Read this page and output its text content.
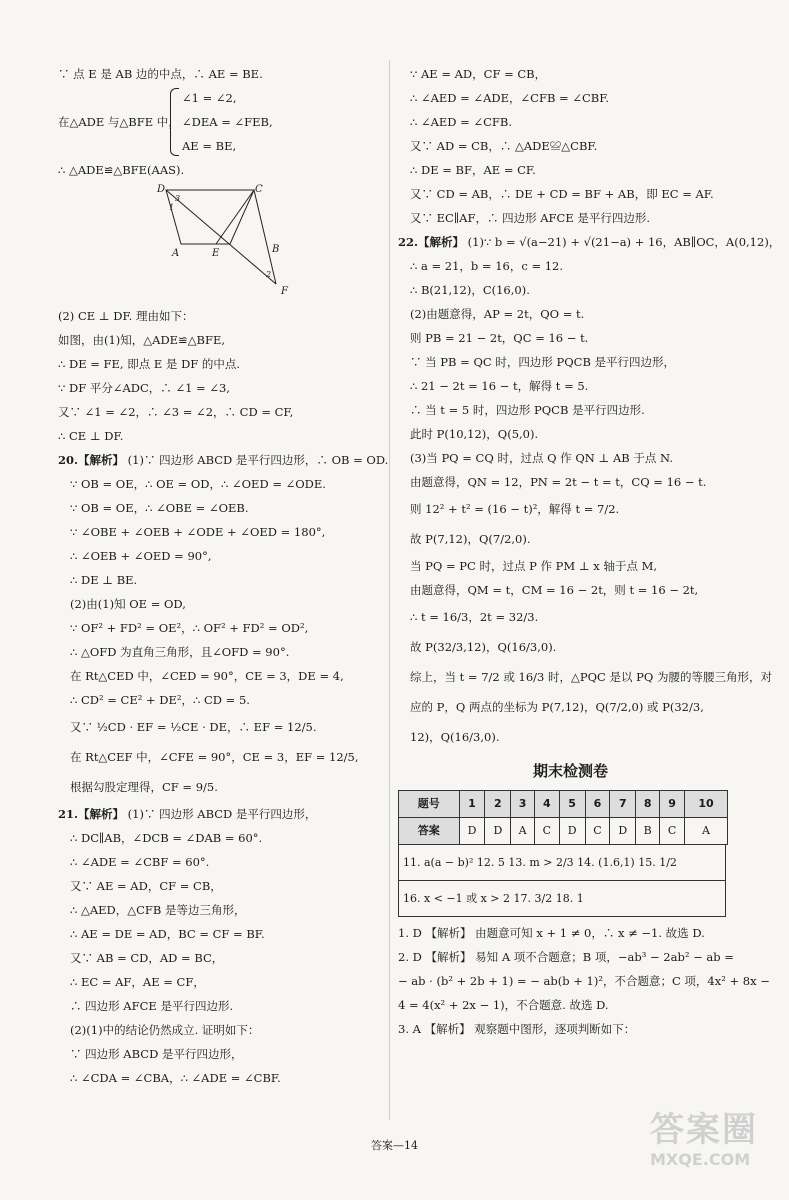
∵ 点 E 是 AB 边的中点，∴ AE = BE.
在△ADE 与△BFE 中，
∠1 = ∠2,
∠DEA = ∠FEB,
AE = BE,
∴ △ADE≌△BFE(AAS).
D	C
A	E	B
F
1
2
3
(2) CE ⊥ DF. 理由如下：
如图，由(1)知，△ADE≌△BFE,
∴ DE = FE, 即点 E 是 DF 的中点.
∵ DF 平分∠ADC，∴ ∠1 = ∠3,
又∵ ∠1 = ∠2，∴ ∠3 = ∠2，∴ CD = CF,
∴ CE ⊥ DF.
20.【解析】 (1)∵ 四边形 ABCD 是平行四边形，∴ OB = OD.
∵ OB = OE，∴ OE = OD，∴ ∠OED = ∠ODE.
∵ OB = OE，∴ ∠OBE = ∠OEB.
∵ ∠OBE + ∠OEB + ∠ODE + ∠OED = 180°,
∴ ∠OEB + ∠OED = 90°,
∴ DE ⊥ BE.
(2)由(1)知 OE = OD,
∵ OF² + FD² = OE²，∴ OF² + FD² = OD²,
∴ △OFD 为直角三角形，且∠OFD = 90°.
在 Rt△CED 中，∠CED = 90°，CE = 3，DE = 4,
∴ CD² = CE² + DE²，∴ CD = 5.
又∵ ½CD · EF = ½CE · DE，∴ EF = 12/5.
在 Rt△CEF 中，∠CFE = 90°，CE = 3，EF = 12/5,
根据勾股定理得，CF = 9/5.
21.【解析】 (1)∵ 四边形 ABCD 是平行四边形，
∴ DC∥AB，∠DCB = ∠DAB = 60°.
∴ ∠ADE = ∠CBF = 60°.
又∵ AE = AD，CF = CB，
∴ △AED，△CFB 是等边三角形，
∴ AE = DE = AD，BC = CF = BF.
又∵ AB = CD，AD = BC，
∴ EC = AF，AE = CF，
∴ 四边形 AFCE 是平行四边形.
(2)(1)中的结论仍然成立. 证明如下：
∵ 四边形 ABCD 是平行四边形，
∴ ∠CDA = ∠CBA，∴ ∠ADE = ∠CBF.
∵ AE = AD，CF = CB，
∴ ∠AED = ∠ADE，∠CFB = ∠CBF.
∴ ∠AED = ∠CFB.
又∵ AD = CB，∴ △ADE≌△CBF.
∴ DE = BF，AE = CF.
又∵ CD = AB，∴ DE + CD = BF + AB，即 EC = AF.
又∵ EC∥AF，∴ 四边形 AFCE 是平行四边形.
22.【解析】 (1)∵ b = √(a−21) + √(21−a) + 16，AB∥OC，A(0,12)，
∴ a = 21，b = 16，c = 12.
∴ B(21,12)，C(16,0).
(2)由题意得，AP = 2t，QO = t.
则 PB = 21 − 2t，QC = 16 − t.
∵ 当 PB = QC 时，四边形 PQCB 是平行四边形，
∴ 21 − 2t = 16 − t，解得 t = 5.
∴ 当 t = 5 时，四边形 PQCB 是平行四边形.
此时 P(10,12)，Q(5,0).
(3)当 PQ = CQ 时，过点 Q 作 QN ⊥ AB 于点 N.
由题意得，QN = 12，PN = 2t − t = t，CQ = 16 − t.
则 12² + t² = (16 − t)²，解得 t = 7/2.
故 P(7,12)，Q(7/2,0).
当 PQ = PC 时，过点 P 作 PM ⊥ x 轴于点 M,
由题意得，QM = t，CM = 16 − 2t，则 t = 16 − 2t,
∴ t = 16/3，2t = 32/3.
故 P(32/3,12)，Q(16/3,0).
综上，当 t = 7/2 或 16/3 时，△PQC 是以 PQ 为腰的等腰三角形，对
应的 P，Q 两点的坐标为 P(7,12)，Q(7/2,0) 或 P(32/3,
12)，Q(16/3,0).
期末检测卷
题号	1	2	3	4	5	6	7	8	9	10
答案	D	D	A	C	D	C	D	B	C	A
11. a(a − b)² 12. 5 13. m > 2/3 14. (1.6,1) 15. 1/2
16. x < −1 或 x > 2 17. 3/2 18. 1
1. D 【解析】 由题意可知 x + 1 ≠ 0，∴ x ≠ −1. 故选 D.
2. D 【解析】 易知 A 项不合题意；B 项，−ab³ − 2ab² − ab =
− ab · (b² + 2b + 1) = − ab(b + 1)²，不合题意；C 项，4x² + 8x −
4 = 4(x² + 2x − 1)，不合题意. 故选 D.
3. A 【解析】 观察题中图形，逐项判断如下：
答案—14	答案圈
MXQE.COM
